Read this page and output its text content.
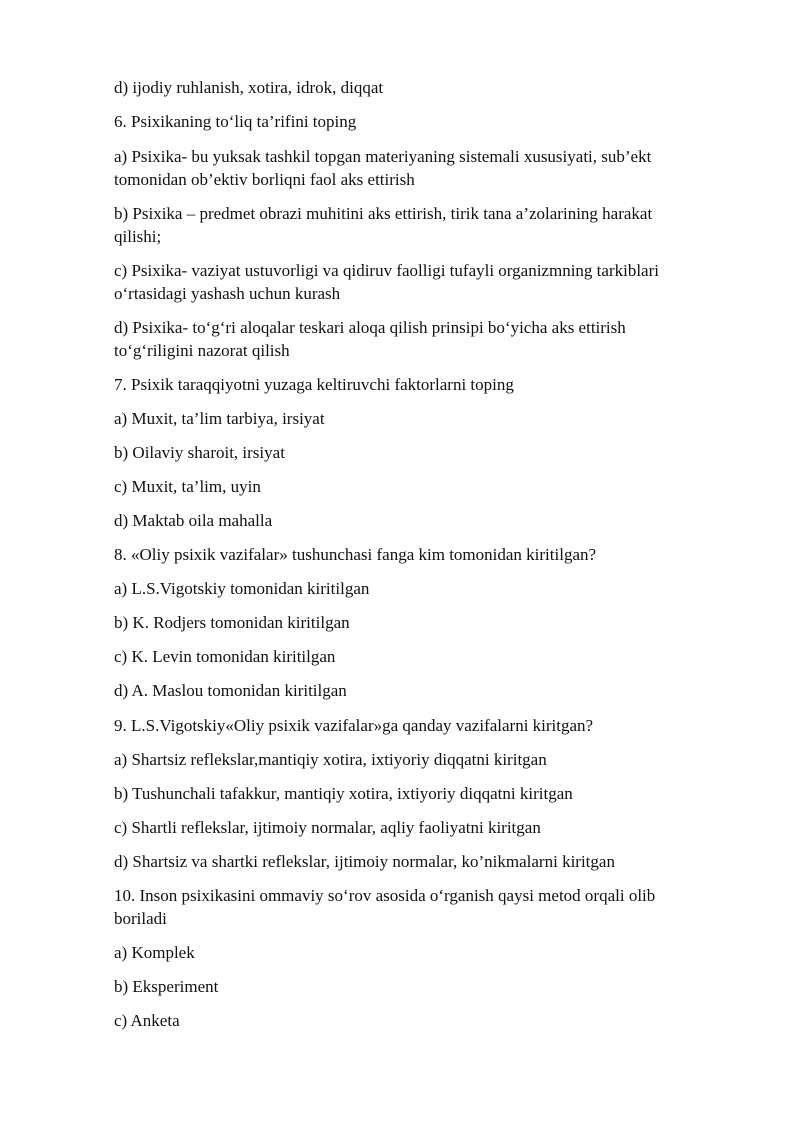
d) ijodiy ruhlanish, xotira, idrok, diqqat

6. Psixikaning to‘liq ta’rifini toping

a) Psixika- bu yuksak tashkil topgan materiyaning sistemali xususiyati, sub’ekt
tomonidan ob’ektiv borliqni faol aks ettirish

b) Psixika – predmet obrazi muhitini aks ettirish, tirik tana a’zolarining harakat
qilishi;

c) Psixika- vaziyat ustuvorligi va qidiruv faolligi tufayli organizmning tarkiblari
o‘rtasidagi yashash uchun kurash

d) Psixika- to‘g‘ri aloqalar teskari aloqa qilish prinsipi bo‘yicha aks ettirish
to‘g‘riligini nazorat qilish

7. Psixik taraqqiyotni yuzaga keltiruvchi faktorlarni toping

a) Muxit, ta’lim tarbiya, irsiyat

b) Oilaviy sharoit, irsiyat

c) Muxit, ta’lim, uyin

d) Maktab oila mahalla

8. «Oliy psixik vazifalar» tushunchasi fanga kim tomonidan kiritilgan?

a) L.S.Vigotskiy tomonidan kiritilgan

b) K. Rodjers tomonidan kiritilgan

c) K. Levin tomonidan kiritilgan

d) A. Maslou tomonidan kiritilgan

9. L.S.Vigotskiy«Oliy psixik vazifalar»ga qanday vazifalarni kiritgan?

a) Shartsiz reflekslar,mantiqiy xotira, ixtiyoriy diqqatni kiritgan

b) Tushunchali tafakkur, mantiqiy xotira, ixtiyoriy diqqatni kiritgan

c) Shartli reflekslar, ijtimoiy normalar, aqliy faoliyatni kiritgan

d) Shartsiz va shartki reflekslar, ijtimoiy normalar, ko’nikmalarni kiritgan

10. Inson psixikasini ommaviy so‘rov asosida o‘rganish qaysi metod orqali olib
boriladi

a) Komplek

b) Eksperiment

c) Anketa
